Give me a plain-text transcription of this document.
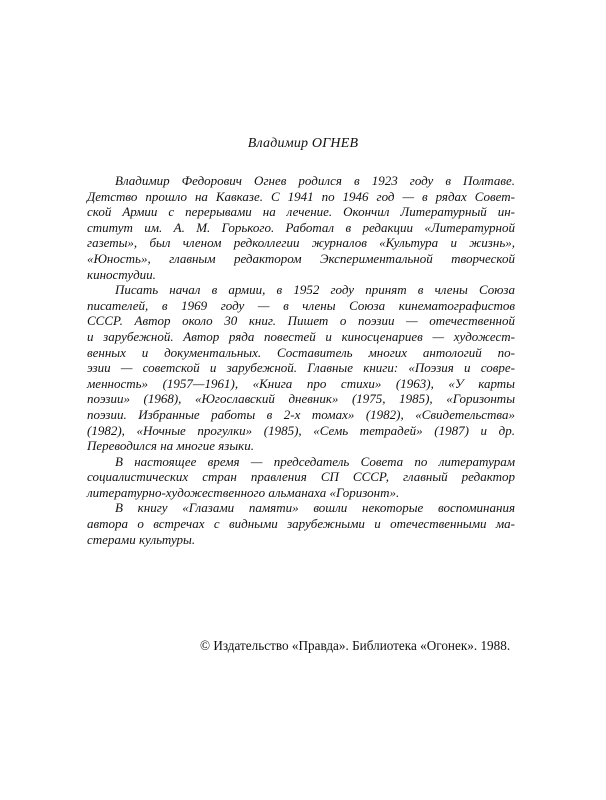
Владимир ОГНЕВ
Владимир Федорович Огнев родился в 1923 году в Полтаве.
Детство прошло на Кавказе. С 1941 по 1946 год — в рядах Совет-
ской Армии с перерывами на лечение. Окончил Литературный ин-
ститут им. А. М. Горького. Работал в редакции «Литературной
газеты», был членом редколлегии журналов «Культура и жизнь»,
«Юность», главным редактором Экспериментальной творческой
киностудии.
Писать начал в армии, в 1952 году принят в члены Союза
писателей, в 1969 году — в члены Союза кинематографистов
СССР. Автор около 30 книг. Пишет о поэзии — отечественной
и зарубежной. Автор ряда повестей и киносценариев — художест-
венных и документальных. Составитель многих антологий по-
эзии — советской и зарубежной. Главные книги: «Поэзия и совре-
менность» (1957—1961), «Книга про стихи» (1963), «У карты
поэзии» (1968), «Югославский дневник» (1975, 1985), «Горизонты
поэзии. Избранные работы в 2-х томах» (1982), «Свидетельства»
(1982), «Ночные прогулки» (1985), «Семь тетрадей» (1987) и др.
Переводился на многие языки.
В настоящее время — председатель Совета по литературам
социалистических стран правления СП СССР, главный редактор
литературно-художественного альманаха «Горизонт».
В книгу «Глазами памяти» вошли некоторые воспоминания
автора о встречах с видными зарубежными и отечественными ма-
стерами культуры.
© Издательство «Правда». Библиотека «Огонек». 1988.
